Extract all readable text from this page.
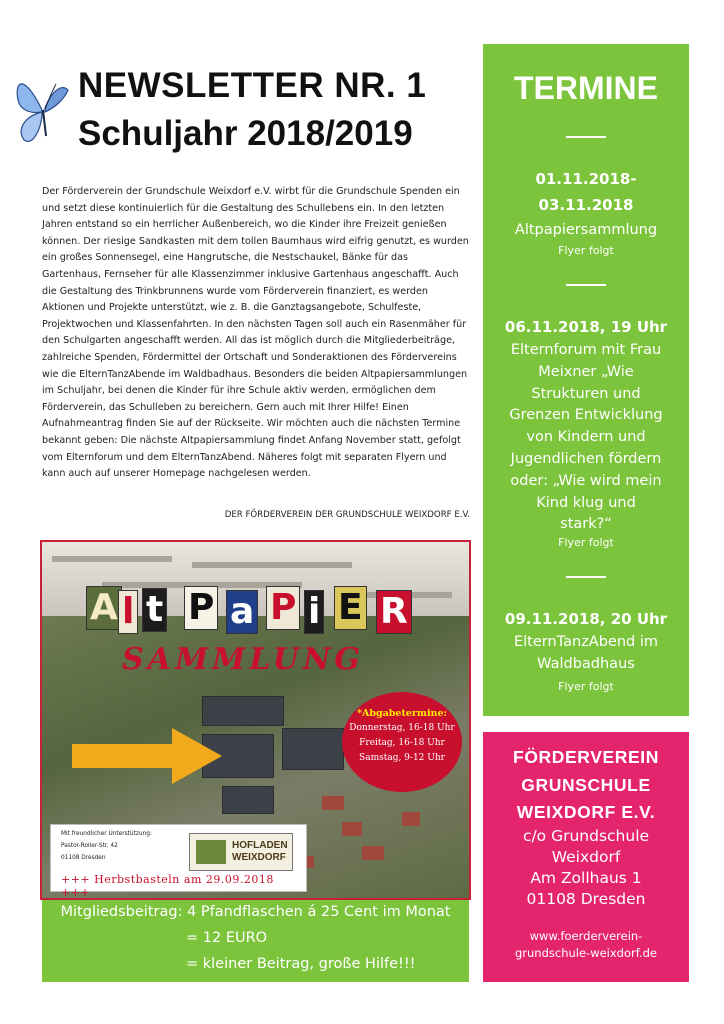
NEWSLETTER NR. 1
Schuljahr 2018/2019
Der Förderverein der Grundschule Weixdorf e.V. wirbt für die Grundschule Spenden ein und setzt diese kontinuierlich für die Gestaltung des Schullebens ein. In den letzten Jahren entstand so ein herrlicher Außenbereich, wo die Kinder ihre Freizeit genießen können. Der riesige Sandkasten mit dem tollen Baumhaus wird eifrig genutzt, es wurden ein großes Sonnensegel, eine Hangrutsche, die Nestschaukel, Bänke für das Gartenhaus, Fernseher für alle Klassenzimmer inklusive Gartenhaus angeschafft. Auch die Gestaltung des Trinkbrunnens wurde vom Förderverein finanziert, es werden Aktionen und Projekte unterstützt, wie z. B. die Ganztagsangebote, Schulfeste, Projektwochen und Klassenfahrten. In den nächsten Tagen soll auch ein Rasenmäher für den Schulgarten angeschafft werden. All das ist möglich durch die Mitgliederbeiträge, zahlreiche Spenden, Fördermittel der Ortschaft und Sonderaktionen des Fördervereins wie die ElternTanzAbende im Waldbadhaus. Besonders die beiden Altpapiersammlungen im Schuljahr, bei denen die Kinder für ihre Schule aktiv werden, ermöglichen dem Förderverein, das Schulleben zu bereichern. Gern auch mit Ihrer Hilfe! Einen Aufnahmeantrag finden Sie auf der Rückseite. Wir möchten auch die nächsten Termine bekannt geben: Die nächste Altpapiersammlung findet Anfang November statt, gefolgt vom Elternforum und dem ElternTanzAbend. Näheres folgt mit separaten Flyern und kann auch auf unserer Homepage nachgelesen werden.
DER FÖRDERVEREIN DER GRUNDSCHULE WEIXDORF E.V.
TERMINE
01.11.2018-
03.11.2018
Altpapiersammlung
Flyer folgt
06.11.2018, 19 Uhr
Elternforum mit Frau
Meixner „Wie
Strukturen und
Grenzen Entwicklung
von Kindern und
Jugendlichen fördern
oder: „Wie wird mein
Kind klug und
stark?“
Flyer folgt
09.11.2018, 20 Uhr
ElternTanzAbend im
Waldbadhaus
Flyer folgt
FÖRDERVEREIN
GRUNSCHULE
WEIXDORF E.V.
c/o Grundschule
Weixdorf
Am Zollhaus 1
01108 Dresden
www.foerderverein-
grundschule-weixdorf.de
A l t P a P i E R
SAMMLUNG
*Abgabetermine:
Donnerstag, 16-18 Uhr
Freitag, 16-18 Uhr
Samstag, 9-12 Uhr
Mit freundlicher Unterstützung:
Pastor-Roller-Str. 42
01108 Dresden
HOFLADEN
WEIXDORF
+++ Herbstbasteln am 29.09.2018 +++
Mitgliedsbeitrag: 4 Pfandflaschen á 25 Cent im Monat
= 12 EURO
= kleiner Beitrag, große Hilfe!!!
